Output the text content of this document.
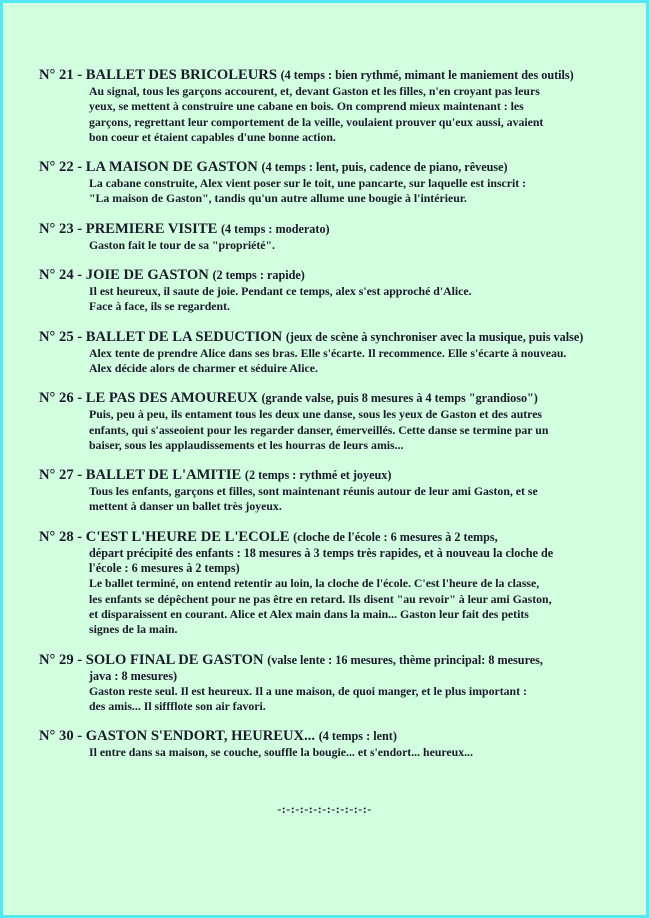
N° 21 - BALLET DES BRICOLEURS (4 temps : bien rythmé, mimant le maniement des outils)
Au signal, tous les garçons accourent, et, devant Gaston et les filles, n'en croyant pas leurs
yeux, se mettent à construire une cabane en bois. On comprend mieux maintenant : les
garçons, regrettant leur comportement de la veille, voulaient prouver qu'eux aussi, avaient
bon coeur et étaient capables d'une bonne action.
N° 22 - LA MAISON DE GASTON (4 temps : lent, puis, cadence de piano, rêveuse)
La cabane construite, Alex vient poser sur le toit, une pancarte, sur laquelle est inscrit :
"La maison de Gaston", tandis qu'un autre allume une bougie à l'intérieur.
N° 23 - PREMIERE VISITE (4 temps : moderato)
Gaston fait le tour de sa "propriété".
N° 24 - JOIE DE GASTON (2 temps : rapide)
Il est heureux, il saute de joie. Pendant ce temps, alex s'est approché d'Alice.
Face à face, ils se regardent.
N° 25 - BALLET DE LA SEDUCTION (jeux de scène à synchroniser avec la musique, puis valse)
Alex tente de prendre Alice dans ses bras. Elle s'écarte. Il recommence. Elle s'écarte à nouveau.
Alex décide alors de charmer et séduire Alice.
N° 26 - LE PAS DES AMOUREUX (grande valse, puis 8 mesures à 4 temps "grandioso")
Puis, peu à peu, ils entament tous les deux une danse, sous les yeux de Gaston et des autres
enfants, qui s'asseoient pour les regarder danser, émerveillés. Cette danse se termine par un
baiser, sous les applaudissements et les hourras de leurs amis...
N° 27 - BALLET DE L'AMITIE (2 temps : rythmé et joyeux)
Tous les enfants, garçons et filles, sont maintenant réunis autour de leur ami Gaston, et se
mettent à danser un ballet très joyeux.
N° 28 - C'EST L'HEURE DE L'ECOLE (cloche de l'école : 6 mesures à 2 temps,
départ précipité des enfants : 18 mesures à 3 temps très rapides, et à nouveau la cloche de
l'école : 6 mesures à 2 temps)
Le ballet terminé, on entend retentir au loin, la cloche de l'école. C'est l'heure de la classe,
les enfants se dépêchent pour ne pas être en retard. Ils disent "au revoir" à leur ami Gaston,
et disparaissent en courant. Alice et Alex main dans la main... Gaston leur fait des petits
signes de la main.
N° 29 - SOLO FINAL DE GASTON (valse lente : 16 mesures, thème principal: 8 mesures,
java : 8 mesures)
Gaston reste seul. Il est heureux. Il a une maison, de quoi manger, et le plus important :
des amis... Il siffflote son air favori.
N° 30 - GASTON S'ENDORT, HEUREUX... (4 temps : lent)
Il entre dans sa maison, se couche, souffle la bougie... et s'endort... heureux...
-:-:-:-:-:-:-:-:-:-:-
